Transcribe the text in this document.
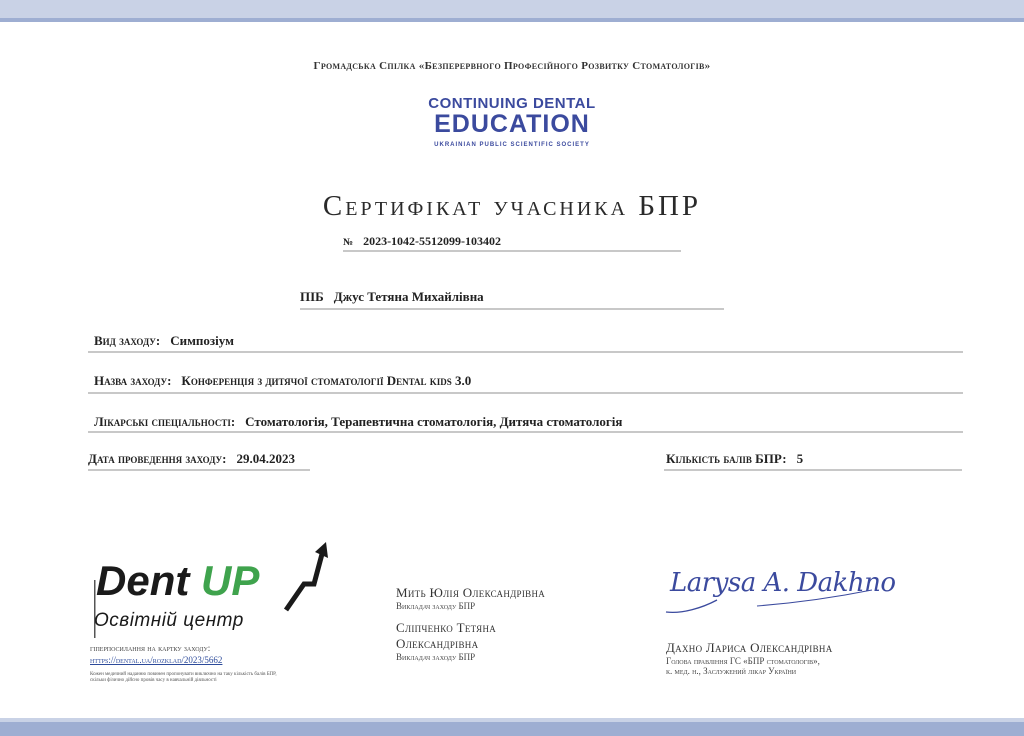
Громадська Спілка «Безперервного Професійного Розвитку Стоматологів»
CONTINUING DENTAL
EDUCATION
UKRAINIAN PUBLIC SCIENTIFIC SOCIETY
Сертифікат учасника БПР
№ 2023-1042-5512099-103402
ПІБ Джус Тетяна Михайлівна
Вид заходу: Симпозіум
Назва заходу: Конференція з дитячої стоматології Dental kids 3.0
Лікарські спеціальності: Стоматологія, Терапевтична стоматологія, Дитяча стоматологія
Дата проведення заходу: 29.04.2023	Кількість балів БПР: 5
Dent UP
Освітній центр
гіперпосилання на картку заходу:
https://dental.ua/rozklad/2023/5662
Кожен медичний наданню повинен пропонувати виключно на таку кількість балів БПР, скільки фізично дійсно провів часу в навчальній діяльності
Мить Юлія Олександрівна
Викладач заходу БПР
Сліпченко Тетяна Олександрівна
Викладач заходу БПР
Larysa A. Dakhno
Дахно Лариса Олександрівна
Голова правління ГС «БПР стоматологів»,
к. мед. н., Заслужений лікар України
